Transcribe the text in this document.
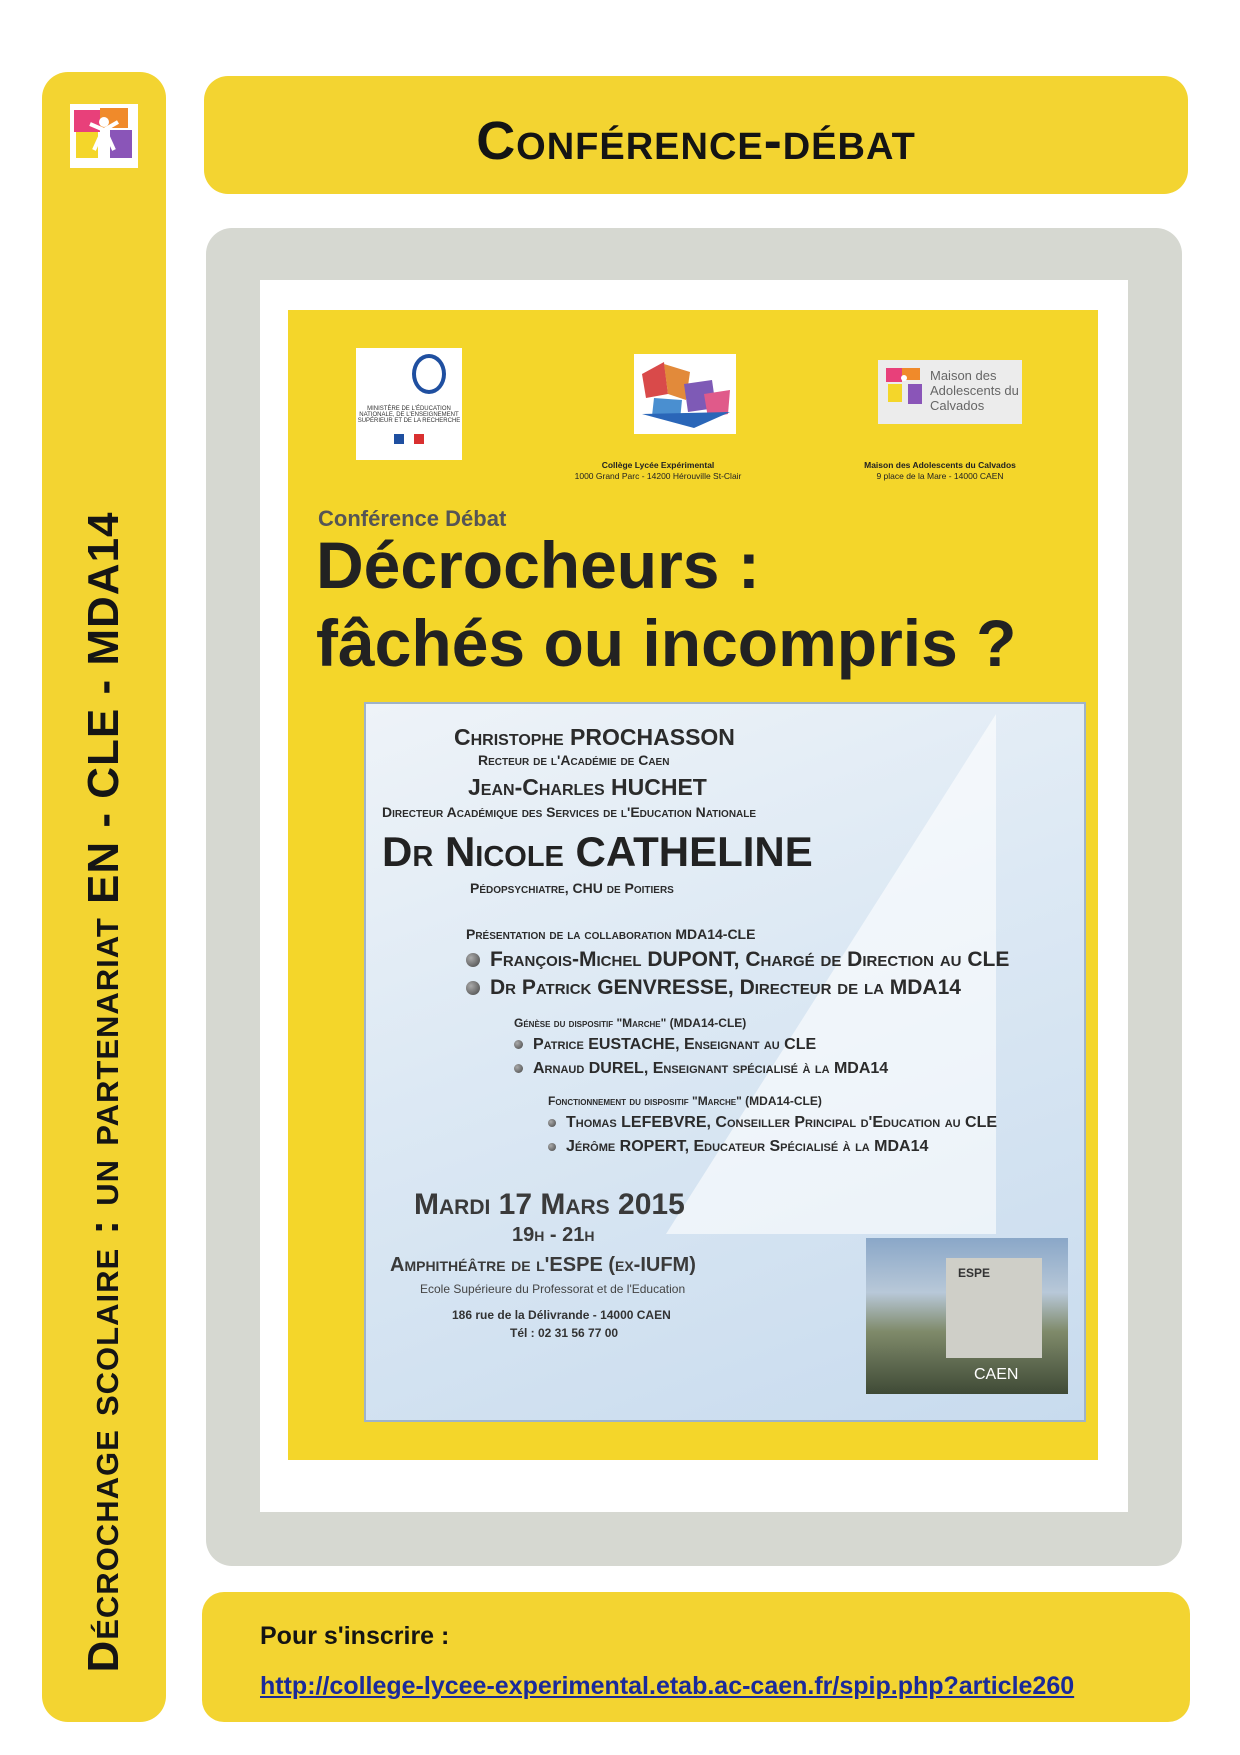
Décrochage scolaire : un partenariat EN - CLE - MDA14
Conférence-débat
MINISTÈRE DE L'ÉDUCATION NATIONALE, DE L'ENSEIGNEMENT SUPÉRIEUR ET DE LA RECHERCHE
Maison des Adolescents du Calvados
Collège Lycée Expérimental
1000 Grand Parc - 14200 Hérouville St-Clair
Maison des Adolescents du Calvados
9 place de la Mare - 14000 CAEN
Conférence Débat
Décrocheurs :
fâchés ou incompris ?
Christophe PROCHASSON
Recteur de l'Académie de Caen
Jean-Charles HUCHET
Directeur Académique des Services de l'Education Nationale
Dr Nicole CATHELINE
Pédopsychiatre, CHU de Poitiers
Présentation de la collaboration MDA14-CLE
François-Michel DUPONT, Chargé de Direction au CLE
Dr Patrick GENVRESSE, Directeur de la MDA14
Génèse du dispositif "Marche" (MDA14-CLE)
Patrice EUSTACHE, Enseignant au CLE
Arnaud DUREL, Enseignant spécialisé à la MDA14
Fonctionnement du dispositif "Marche" (MDA14-CLE)
Thomas LEFEBVRE, Conseiller Principal d'Education au CLE
Jérôme ROPERT, Educateur Spécialisé à la MDA14
Mardi 17 Mars 2015
19h - 21h
Amphithéâtre de l'ESPE (ex-IUFM)
Ecole Supérieure du Professorat et de l'Education
186 rue de la Délivrande - 14000 CAEN
Tél : 02 31 56 77 00
ESPE
CAEN
Pour s'inscrire :
http://college-lycee-experimental.etab.ac-caen.fr/spip.php?article260
